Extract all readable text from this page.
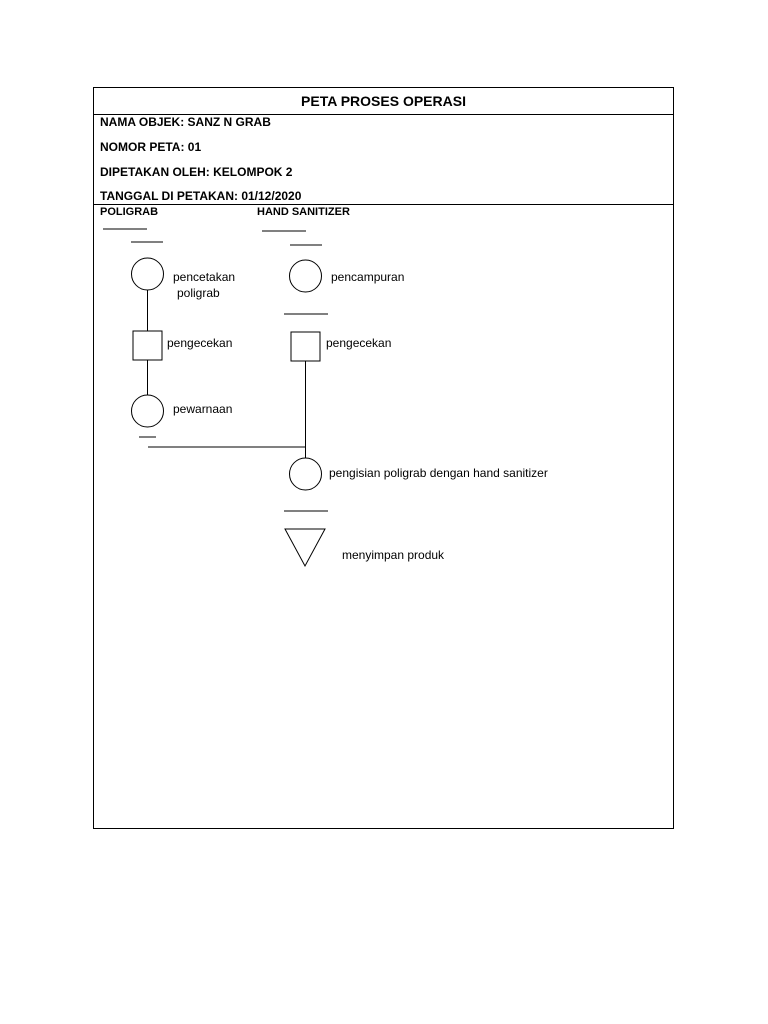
PETA PROSES OPERASI
NAMA OBJEK: SANZ N GRAB
NOMOR PETA: 01
DIPETAKAN OLEH: KELOMPOK 2
TANGGAL DI PETAKAN: 01/12/2020
POLIGRAB	HAND SANITIZER
pencetakan
poligrab
pengecekan
pewarnaan
pencampuran
pengecekan
pengisian poligrab dengan hand sanitizer
menyimpan produk
